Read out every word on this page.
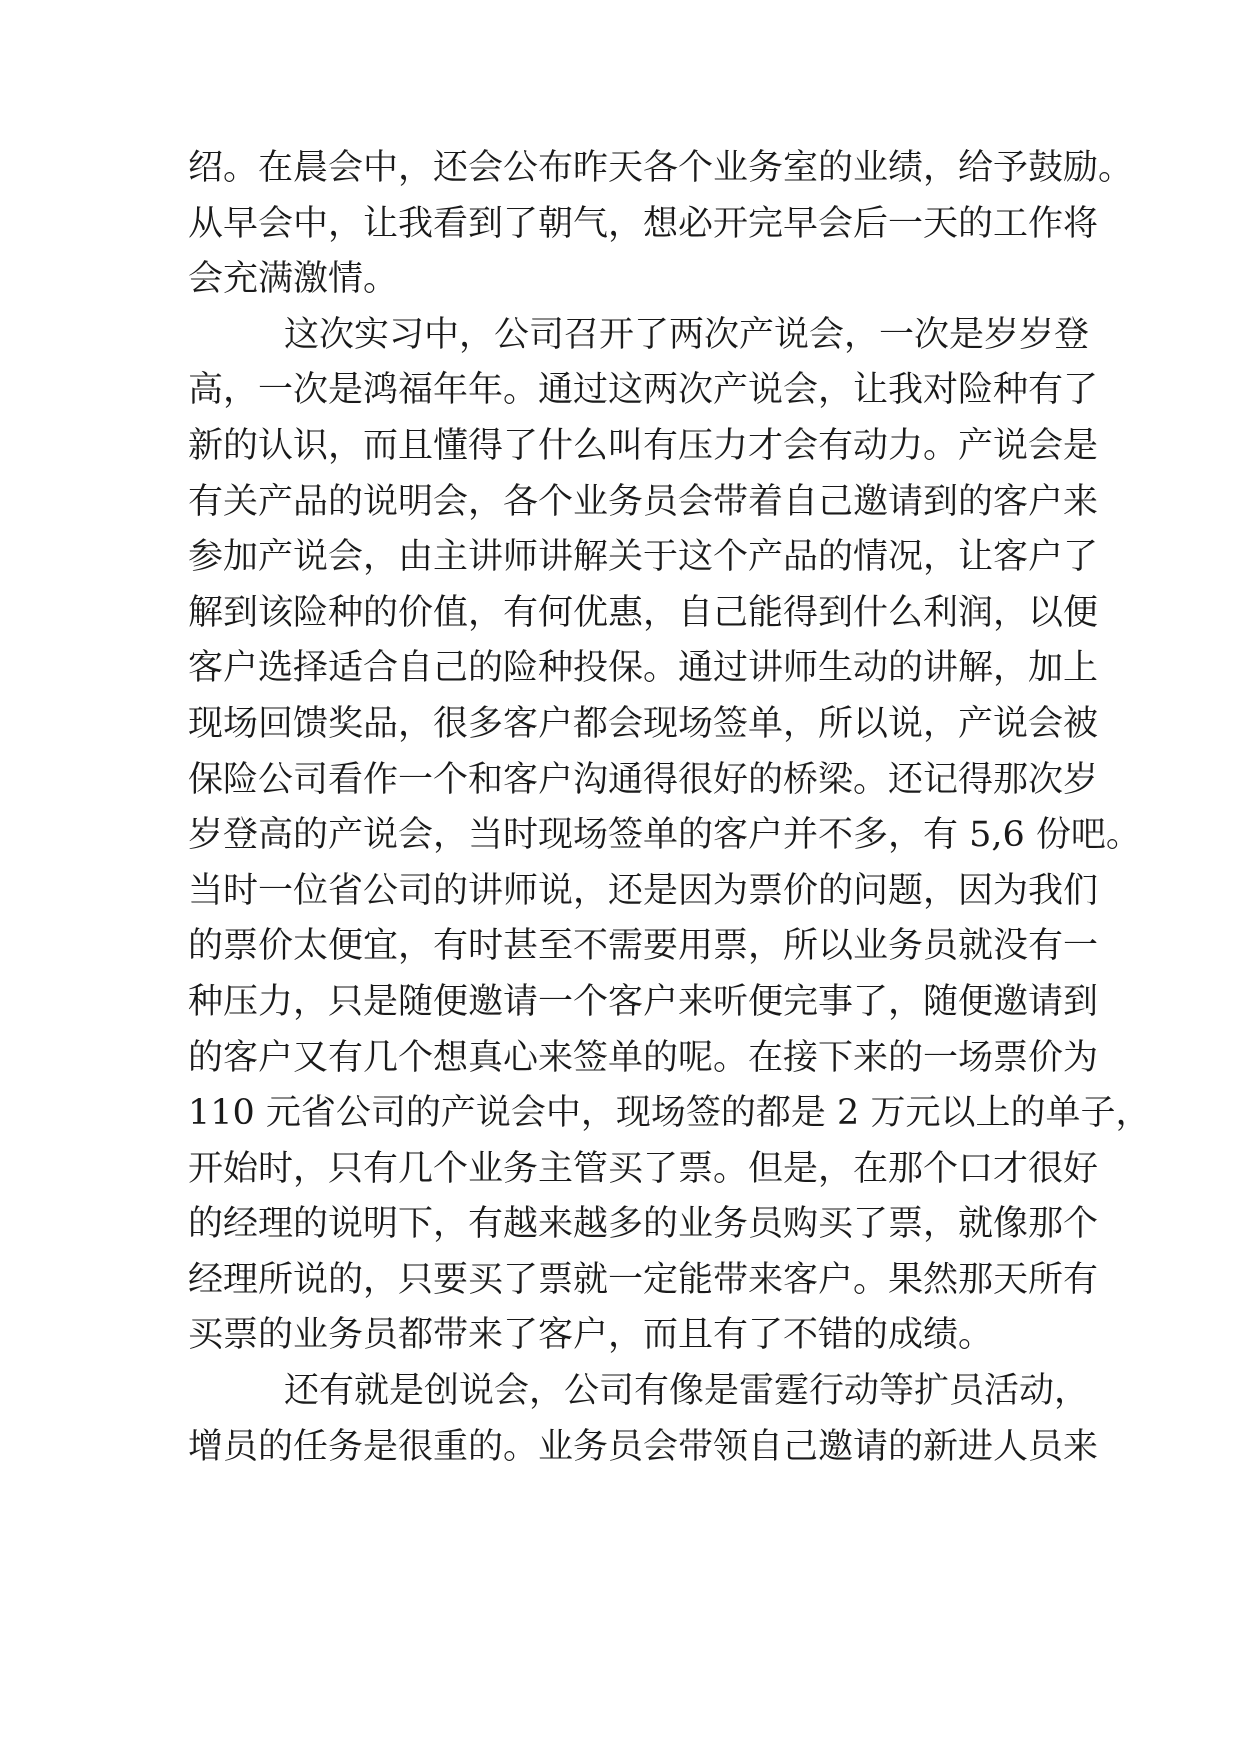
绍。在晨会中，还会公布昨天各个业务室的业绩，给予鼓励。
从早会中，让我看到了朝气，想必开完早会后一天的工作将
会充满激情。
这次实习中，公司召开了两次产说会，一次是岁岁登
高，一次是鸿福年年。通过这两次产说会，让我对险种有了
新的认识，而且懂得了什么叫有压力才会有动力。产说会是
有关产品的说明会，各个业务员会带着自己邀请到的客户来
参加产说会，由主讲师讲解关于这个产品的情况，让客户了
解到该险种的价值，有何优惠，自己能得到什么利润，以便
客户选择适合自己的险种投保。通过讲师生动的讲解，加上
现场回馈奖品，很多客户都会现场签单，所以说，产说会被
保险公司看作一个和客户沟通得很好的桥梁。还记得那次岁
岁登高的产说会，当时现场签单的客户并不多，有 5,6 份吧。
当时一位省公司的讲师说，还是因为票价的问题，因为我们
的票价太便宜，有时甚至不需要用票，所以业务员就没有一
种压力，只是随便邀请一个客户来听便完事了，随便邀请到
的客户又有几个想真心来签单的呢。在接下来的一场票价为
110 元省公司的产说会中，现场签的都是 2 万元以上的单子，
开始时，只有几个业务主管买了票。但是，在那个口才很好
的经理的说明下，有越来越多的业务员购买了票，就像那个
经理所说的，只要买了票就一定能带来客户。果然那天所有
买票的业务员都带来了客户，而且有了不错的成绩。
还有就是创说会，公司有像是雷霆行动等扩员活动，
增员的任务是很重的。业务员会带领自己邀请的新进人员来
